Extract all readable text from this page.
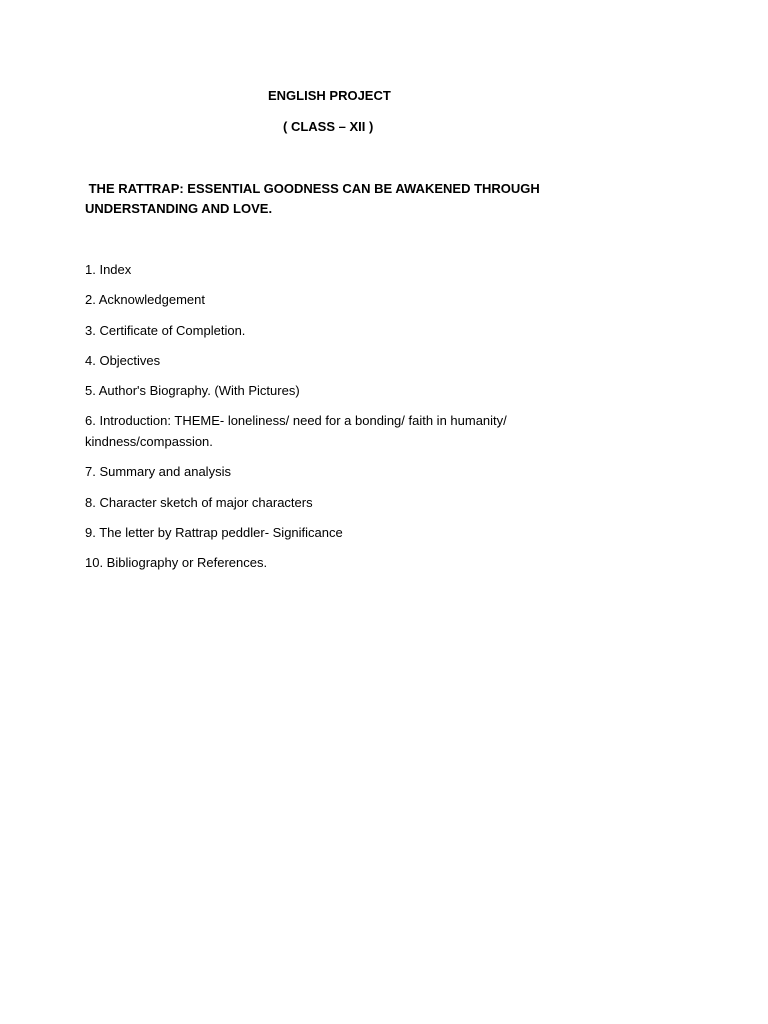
ENGLISH PROJECT
( CLASS – XII )
THE RATTRAP: ESSENTIAL GOODNESS CAN BE AWAKENED THROUGH
UNDERSTANDING AND LOVE.
1. Index
2. Acknowledgement
3. Certificate of Completion.
4. Objectives
5. Author's Biography. (With Pictures)
6. Introduction: THEME- loneliness/ need for a bonding/ faith in humanity/
kindness/compassion.
7. Summary and analysis
8. Character sketch of major characters
9. The letter by Rattrap peddler- Significance
10. Bibliography or References.
